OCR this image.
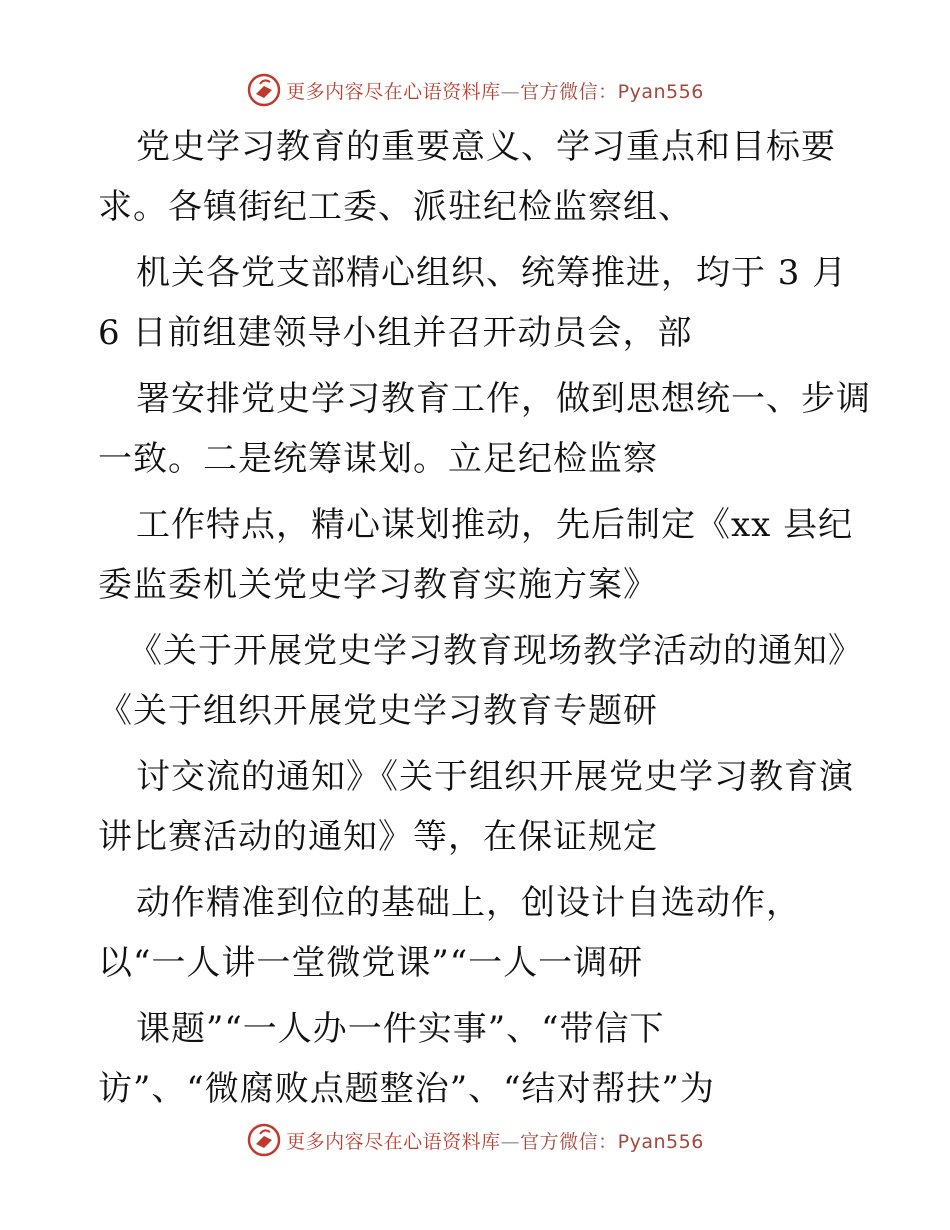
更多内容尽在心语资料库—官方微信：Pyan556
党史学习教育的重要意义、学习重点和目标要
求。各镇街纪工委、派驻纪检监察组、
机关各党支部精心组织、统筹推进，均于 3 月
6 日前组建领导小组并召开动员会，部
署安排党史学习教育工作，做到思想统一、步调
一致。二是统筹谋划。立足纪检监察
工作特点，精心谋划推动，先后制定《xx 县纪
委监委机关党史学习教育实施方案》
《关于开展党史学习教育现场教学活动的通知》
《关于组织开展党史学习教育专题研
讨交流的通知》《关于组织开展党史学习教育演
讲比赛活动的通知》等，在保证规定
动作精准到位的基础上，创设计自选动作，
以“一人讲一堂微党课”“一人一调研
课题”“一人办一件实事”、“带信下
访”、“微腐败点题整治”、“结对帮扶”为
更多内容尽在心语资料库—官方微信：Pyan556
